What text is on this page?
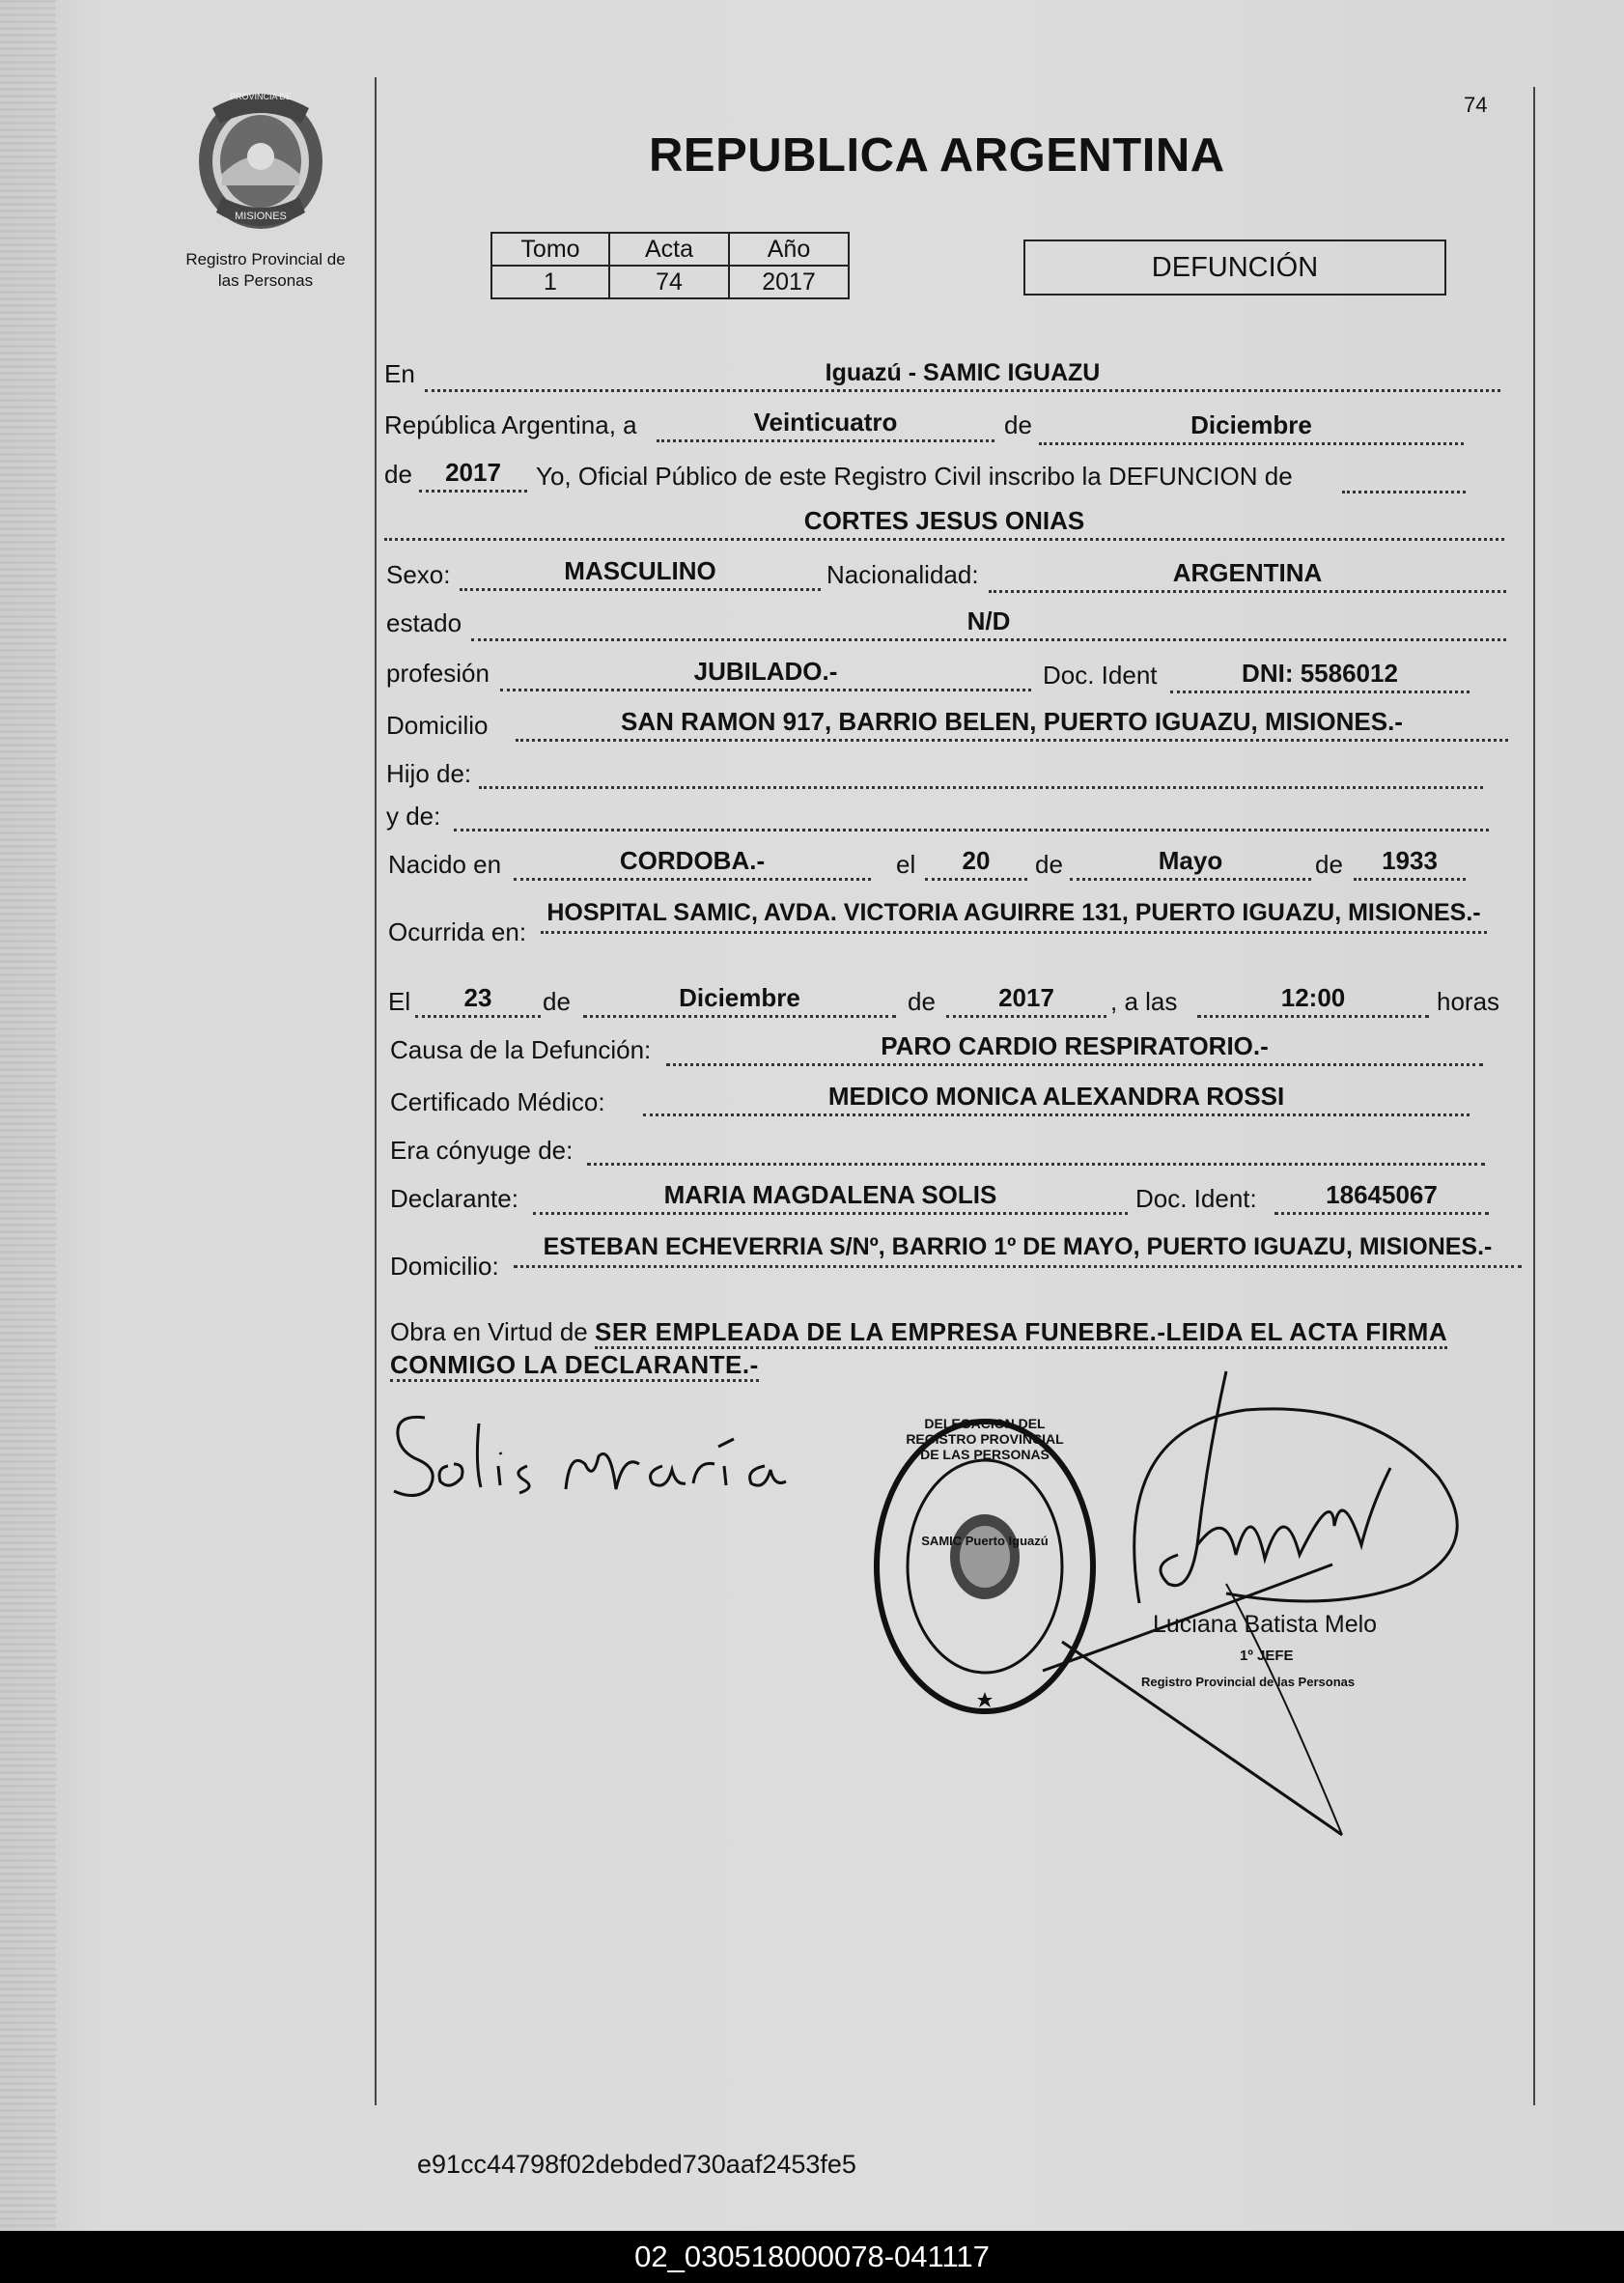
PROVINCIA DE
MISIONES
Registro Provincial de
las Personas
74
REPUBLICA ARGENTINA
Tomo	Acta	Año
1	74	2017	DEFUNCIÓN
En	Iguazú - SAMIC IGUAZU
República Argentina, a	Veinticuatro	de	Diciembre
de	2017	Yo, Oficial Público de este Registro Civil inscribo la DEFUNCION de
CORTES JESUS ONIAS
Sexo:	MASCULINO	Nacionalidad:	ARGENTINA
estado	N/D
profesión	JUBILADO.-	Doc. Ident	DNI: 5586012
Domicilio	SAN RAMON 917, BARRIO BELEN, PUERTO IGUAZU, MISIONES.-
Hijo de:
y de:
Nacido en	CORDOBA.-	el	20	de	Mayo	de	1933
Ocurrida en:
HOSPITAL SAMIC, AVDA. VICTORIA AGUIRRE 131, PUERTO IGUAZU, MISIONES.-
El	23	de	Diciembre	de	2017	, a las	12:00	horas
Causa de la Defunción:	PARO CARDIO RESPIRATORIO.-
Certificado Médico:	MEDICO MONICA ALEXANDRA ROSSI
Era cónyuge de:
Declarante:	MARIA MAGDALENA SOLIS	Doc. Ident:	18645067
Domicilio:
ESTEBAN ECHEVERRIA S/Nº, BARRIO 1º DE MAYO, PUERTO IGUAZU, MISIONES.-
Obra en Virtud de SER EMPLEADA DE LA EMPRESA FUNEBRE.-LEIDA EL ACTA FIRMA CONMIGO LA DECLARANTE.-
SAMIC Puerto Iguazú
DELEGACION DEL REGISTRO PROVINCIAL DE LAS PERSONAS
Luciana Batista Melo
1º JEFE
Registro Provincial de las Personas
e91cc44798f02debded730aaf2453fe5
02_030518000078-041117
